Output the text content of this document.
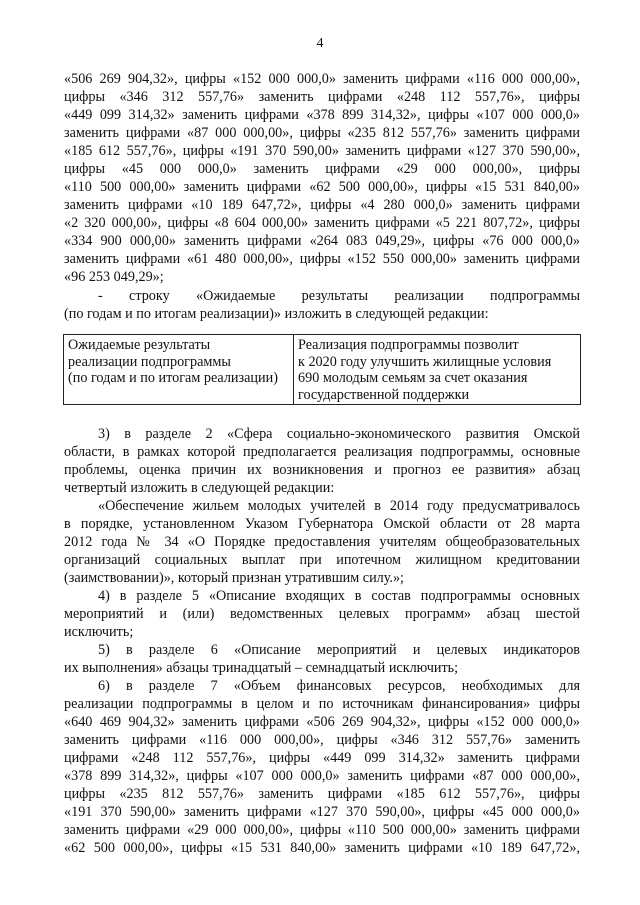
4
«506 269 904,32», цифры «152 000 000,0» заменить цифрами «116 000 000,00»,
цифры «346 312 557,76» заменить цифрами «248 112 557,76», цифры
«449 099 314,32» заменить цифрами «378 899 314,32», цифры «107 000 000,0»
заменить цифрами «87 000 000,00», цифры «235 812 557,76» заменить цифрами
«185 612 557,76», цифры «191 370 590,00» заменить цифрами «127 370 590,00»,
цифры «45 000 000,0» заменить цифрами «29 000 000,00», цифры
«110 500 000,00» заменить цифрами «62 500 000,00», цифры «15 531 840,00»
заменить цифрами «10 189 647,72», цифры «4 280 000,0» заменить цифрами
«2 320 000,00», цифры «8 604 000,00» заменить цифрами «5 221 807,72», цифры
«334 900 000,00» заменить цифрами «264 083 049,29», цифры «76 000 000,0»
заменить цифрами «61 480 000,00», цифры «152 550 000,00» заменить цифрами
«96 253 049,29»;
- строку «Ожидаемые результаты реализации подпрограммы
(по годам и по итогам реализации)» изложить в следующей редакции:
Ожидаемые результаты
реализации подпрограммы
(по годам и по итогам реализации)
Реализация подпрограммы позволит
к 2020 году улучшить жилищные условия
690 молодым семьям за счет оказания
государственной поддержки
3) в разделе 2 «Сфера социально-экономического развития Омской
области, в рамках которой предполагается реализация подпрограммы, основные
проблемы, оценка причин их возникновения и прогноз ее развития» абзац
четвертый изложить в следующей редакции:
«Обеспечение жильем молодых учителей в 2014 году предусматривалось
в порядке, установленном Указом Губернатора Омской области от 28 марта
2012 года № 34 «О Порядке предоставления учителям общеобразовательных
организаций социальных выплат при ипотечном жилищном кредитовании
(заимствовании)», который признан утратившим силу.»;
4) в разделе 5 «Описание входящих в состав подпрограммы основных
мероприятий и (или) ведомственных целевых программ» абзац шестой
исключить;
5) в разделе 6 «Описание мероприятий и целевых индикаторов
их выполнения» абзацы тринадцатый – семнадцатый исключить;
6) в разделе 7 «Объем финансовых ресурсов, необходимых для
реализации подпрограммы в целом и по источникам финансирования» цифры
«640 469 904,32» заменить цифрами «506 269 904,32», цифры «152 000 000,0»
заменить цифрами «116 000 000,00», цифры «346 312 557,76» заменить
цифрами «248 112 557,76», цифры «449 099 314,32» заменить цифрами
«378 899 314,32», цифры «107 000 000,0» заменить цифрами «87 000 000,00»,
цифры «235 812 557,76» заменить цифрами «185 612 557,76», цифры
«191 370 590,00» заменить цифрами «127 370 590,00», цифры «45 000 000,0»
заменить цифрами «29 000 000,00», цифры «110 500 000,00» заменить цифрами
«62 500 000,00», цифры «15 531 840,00» заменить цифрами «10 189 647,72»,
